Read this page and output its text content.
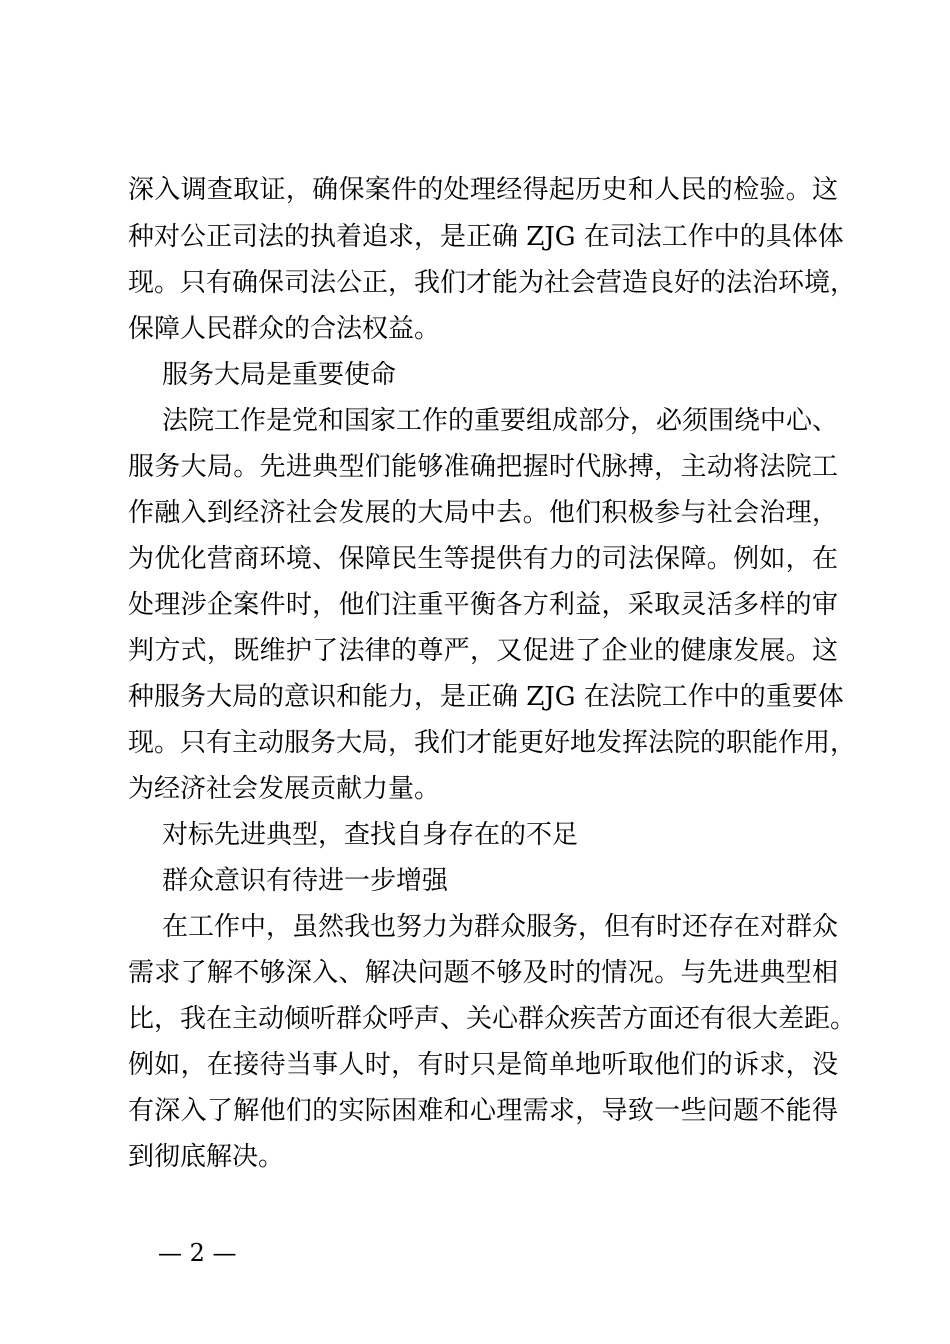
深入调查取证，确保案件的处理经得起历史和人民的检验。这
种对公正司法的执着追求，是正确 ZJG 在司法工作中的具体体
现。只有确保司法公正，我们才能为社会营造良好的法治环境，
保障人民群众的合法权益。
服务大局是重要使命
法院工作是党和国家工作的重要组成部分，必须围绕中心、
服务大局。先进典型们能够准确把握时代脉搏，主动将法院工
作融入到经济社会发展的大局中去。他们积极参与社会治理，
为优化营商环境、保障民生等提供有力的司法保障。例如，在
处理涉企案件时，他们注重平衡各方利益，采取灵活多样的审
判方式，既维护了法律的尊严，又促进了企业的健康发展。这
种服务大局的意识和能力，是正确 ZJG 在法院工作中的重要体
现。只有主动服务大局，我们才能更好地发挥法院的职能作用，
为经济社会发展贡献力量。
对标先进典型，查找自身存在的不足
群众意识有待进一步增强
在工作中，虽然我也努力为群众服务，但有时还存在对群众
需求了解不够深入、解决问题不够及时的情况。与先进典型相
比，我在主动倾听群众呼声、关心群众疾苦方面还有很大差距。
例如，在接待当事人时，有时只是简单地听取他们的诉求，没
有深入了解他们的实际困难和心理需求，导致一些问题不能得
到彻底解决。
— 2 —
